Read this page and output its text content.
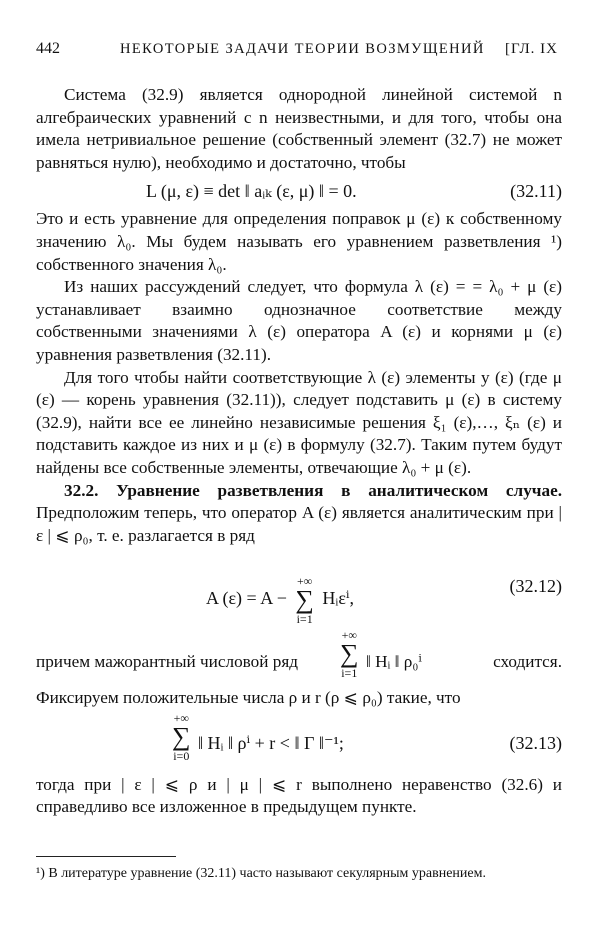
442	НЕКОТОРЫЕ ЗАДАЧИ ТЕОРИИ ВОЗМУЩЕНИЙ [ГЛ. IX

Система (32.9) является однородной линейной системой n алгебраических уравнений с n неизвестными, и для того, чтобы она имела нетривиальное решение (собственный элемент (32.7) не может равняться нулю), необходимо и достаточно, чтобы

L (μ, ε) ≡ det ‖ aᵢₖ (ε, μ) ‖ = 0.	(32.11)

Это и есть уравнение для определения поправок μ (ε) к собственному значению λ₀. Мы будем называть его уравнением разветвления ¹) собственного значения λ₀.

Из наших рассуждений следует, что формула λ (ε) = = λ₀ + μ (ε) устанавливает взаимно однозначное соответствие между собственными значениями λ (ε) оператора A (ε) и корнями μ (ε) уравнения разветвления (32.11).

Для того чтобы найти соответствующие λ (ε) элементы y (ε) (где μ (ε) — корень уравнения (32.11)), следует подставить μ (ε) в систему (32.9), найти все ее линейно независимые решения ξ₁ (ε),…, ξₙ (ε) и подставить каждое из них и μ (ε) в формулу (32.7). Таким путем будут найдены все собственные элементы, отвечающие λ₀ + μ (ε).

32.2. Уравнение разветвления в аналитическом случае. Предположим теперь, что оператор A (ε) является аналитическим при | ε | ⩽ ρ₀, т. е. разлагается в ряд

A (ε) = A −
+∞
∑
i=1
Hᵢεⁱ,
(32.12)
причем мажорантный числовой ряд
+∞
∑
i=1
‖ Hᵢ ‖ ρ₀ⁱ	сходится.

Фиксируем положительные числа ρ и r (ρ ⩽ ρ₀) такие, что

+∞
∑
i=0
‖ Hᵢ ‖ ρⁱ + r < ‖ Γ ‖⁻¹;	(32.13)

тогда при | ε | ⩽ ρ и | μ | ⩽ r выполнено неравенство (32.6) и справедливо все изложенное в предыдущем пункте.

¹) В литературе уравнение (32.11) часто называют секулярным уравнением.
